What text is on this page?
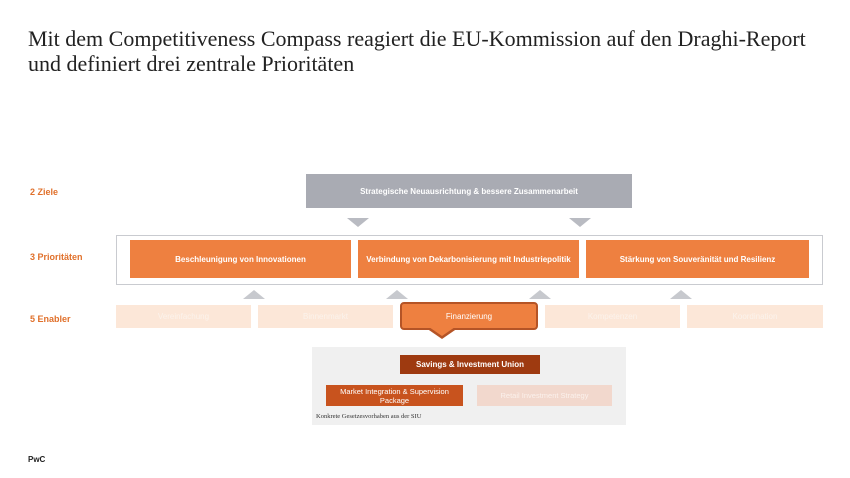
Mit dem Competitiveness Compass reagiert die EU-Kommission auf den Draghi-Report und definiert drei zentrale Prioritäten
2 Ziele
3 Prioritäten
5 Enabler
Strategische Neuausrichtung & bessere Zusammenarbeit
Beschleunigung von Innovationen	Verbindung von Dekarbonisierung mit Industriepolitik	Stärkung von Souveränität und Resilienz
Vereinfachung	Binnenmarkt	Finanzierung	Kompetenzen	Koordination
Savings & Investment Union
Market Integration & Supervision Package	Retail Investment Strategy
Konkrete Gesetzesvorhaben aus der SIU
PwC
